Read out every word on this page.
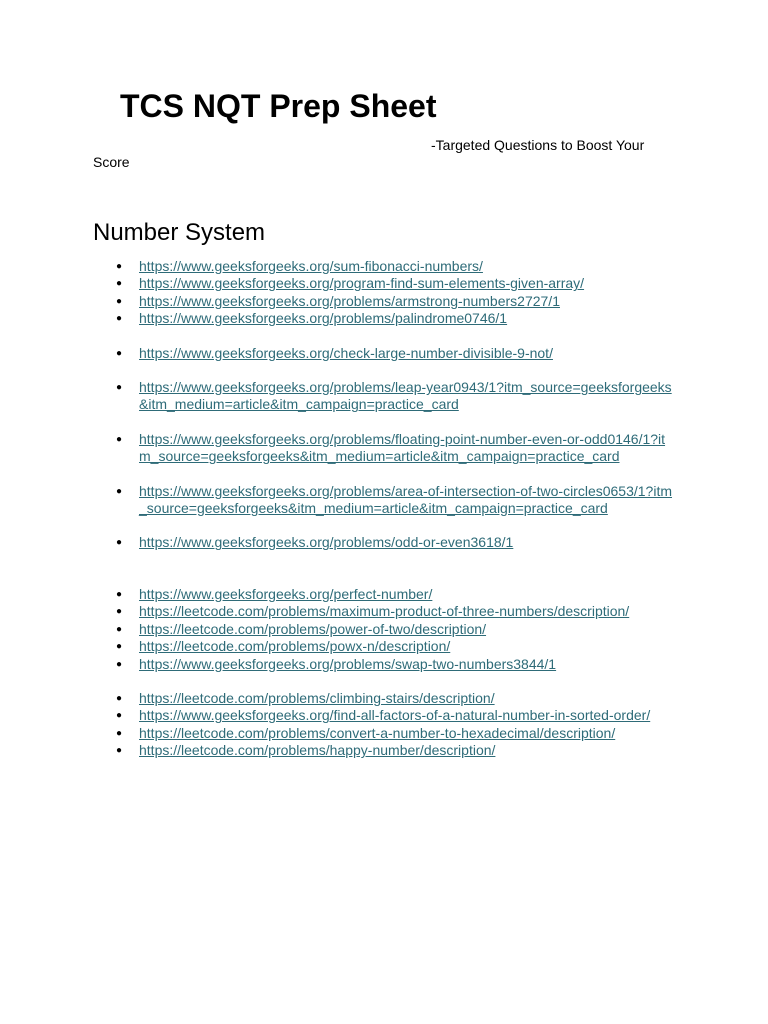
TCS NQT Prep Sheet

-Targeted Questions to Boost Your Score

Number System
● https://www.geeksforgeeks.org/sum-fibonacci-numbers/
● https://www.geeksforgeeks.org/program-find-sum-elements-given-array/
● https://www.geeksforgeeks.org/problems/armstrong-numbers2727/1
● https://www.geeksforgeeks.org/problems/palindrome0746/1
● https://www.geeksforgeeks.org/check-large-number-divisible-9-not/
● https://www.geeksforgeeks.org/problems/leap-year0943/1?itm_source=geeksforgeeks&itm_medium=article&itm_campaign=practice_card
● https://www.geeksforgeeks.org/problems/floating-point-number-even-or-odd0146/1?itm_source=geeksforgeeks&itm_medium=article&itm_campaign=practice_card
● https://www.geeksforgeeks.org/problems/area-of-intersection-of-two-circles0653/1?itm_source=geeksforgeeks&itm_medium=article&itm_campaign=practice_card
● https://www.geeksforgeeks.org/problems/odd-or-even3618/1
● https://www.geeksforgeeks.org/perfect-number/
● https://leetcode.com/problems/maximum-product-of-three-numbers/description/
● https://leetcode.com/problems/power-of-two/description/
● https://leetcode.com/problems/powx-n/description/
● https://www.geeksforgeeks.org/problems/swap-two-numbers3844/1
● https://leetcode.com/problems/climbing-stairs/description/
● https://www.geeksforgeeks.org/find-all-factors-of-a-natural-number-in-sorted-order/
● https://leetcode.com/problems/convert-a-number-to-hexadecimal/description/
● https://leetcode.com/problems/happy-number/description/
